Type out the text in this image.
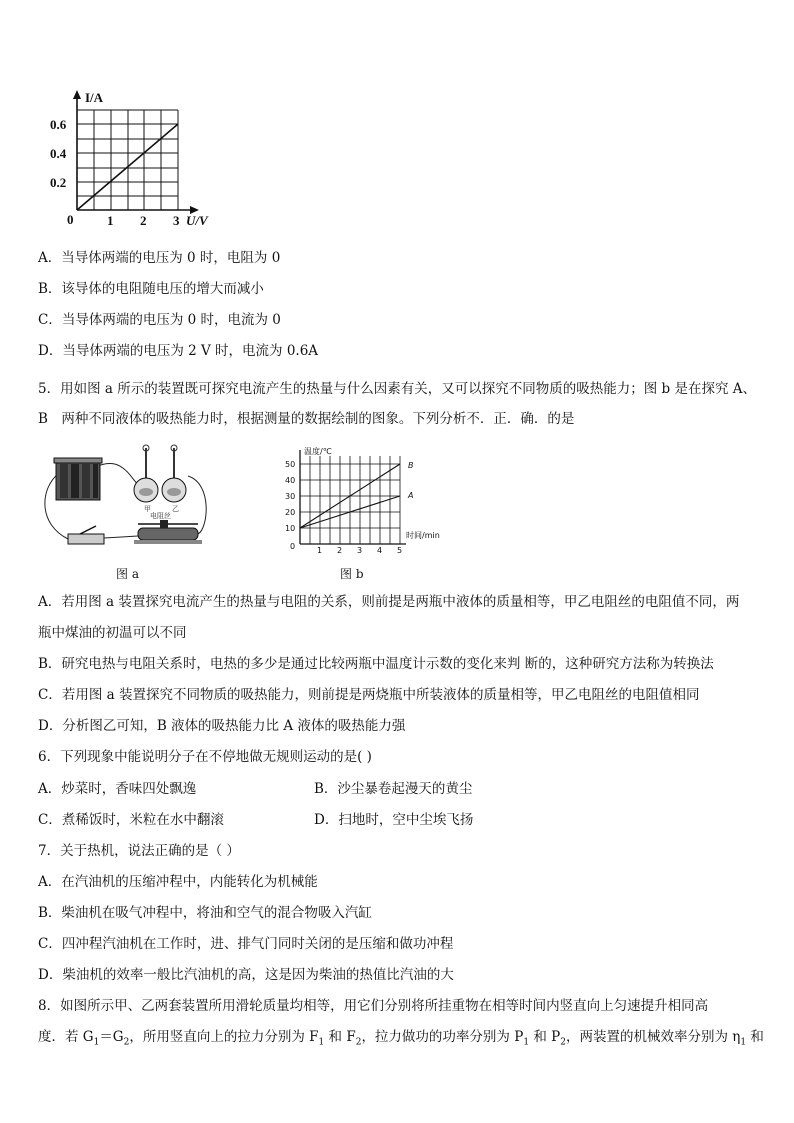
I/A
0.6
0.4
0.2
0	1 2 3 U/V
A．当导体两端的电压为 0 时，电阻为 0
B．该导体的电阻随电压的增大而减小
C．当导体两端的电压为 0 时，电流为 0
D．当导体两端的电压为 2 V 时，电流为 0.6A
5．用如图 a 所示的装置既可探究电流产生的热量与什么因素有关，又可以探究不同物质的吸热能力；图 b 是在探究 A、
B　两种不同液体的吸热能力时，根据测量的数据绘制的图象。下列分析不．正．确．的是
甲	乙
电阻丝
图 a
温度/℃
50
40
30
20
10
0	1 2 3 4 5
时间/min
B
A
图 b
A．若用图 a 装置探究电流产生的热量与电阻的关系，则前提是两瓶中液体的质量相等，甲乙电阻丝的电阻值不同，两
瓶中煤油的初温可以不同
B．研究电热与电阻关系时，电热的多少是通过比较两瓶中温度计示数的变化来判 断的，这种研究方法称为转换法
C．若用图 a 装置探究不同物质的吸热能力，则前提是两烧瓶中所装液体的质量相等，甲乙电阻丝的电阻值相同
D．分析图乙可知，B 液体的吸热能力比 A 液体的吸热能力强
6．下列现象中能说明分子在不停地做无规则运动的是( )
A．炒菜时，香味四处飘逸	B．沙尘暴卷起漫天的黄尘
C．煮稀饭时，米粒在水中翻滚	D．扫地时，空中尘埃飞扬
7．关于热机，说法正确的是（ ）
A．在汽油机的压缩冲程中，内能转化为机械能
B．柴油机在吸气冲程中，将油和空气的混合物吸入汽缸
C．四冲程汽油机在工作时，进、排气门同时关闭的是压缩和做功冲程
D．柴油机的效率一般比汽油机的高，这是因为柴油的热值比汽油的大
8．如图所示甲、乙两套装置所用滑轮质量均相等，用它们分别将所挂重物在相等时间内竖直向上匀速提升相同高
度．若 $G_1=G_2$，所用竖直向上的拉力分别为 $F_1$ 和 $F_2$，拉力做功的功率分别为 $P_1$ 和 $P_2$，两装置的机械效率分别为 $\eta_1$ 和
